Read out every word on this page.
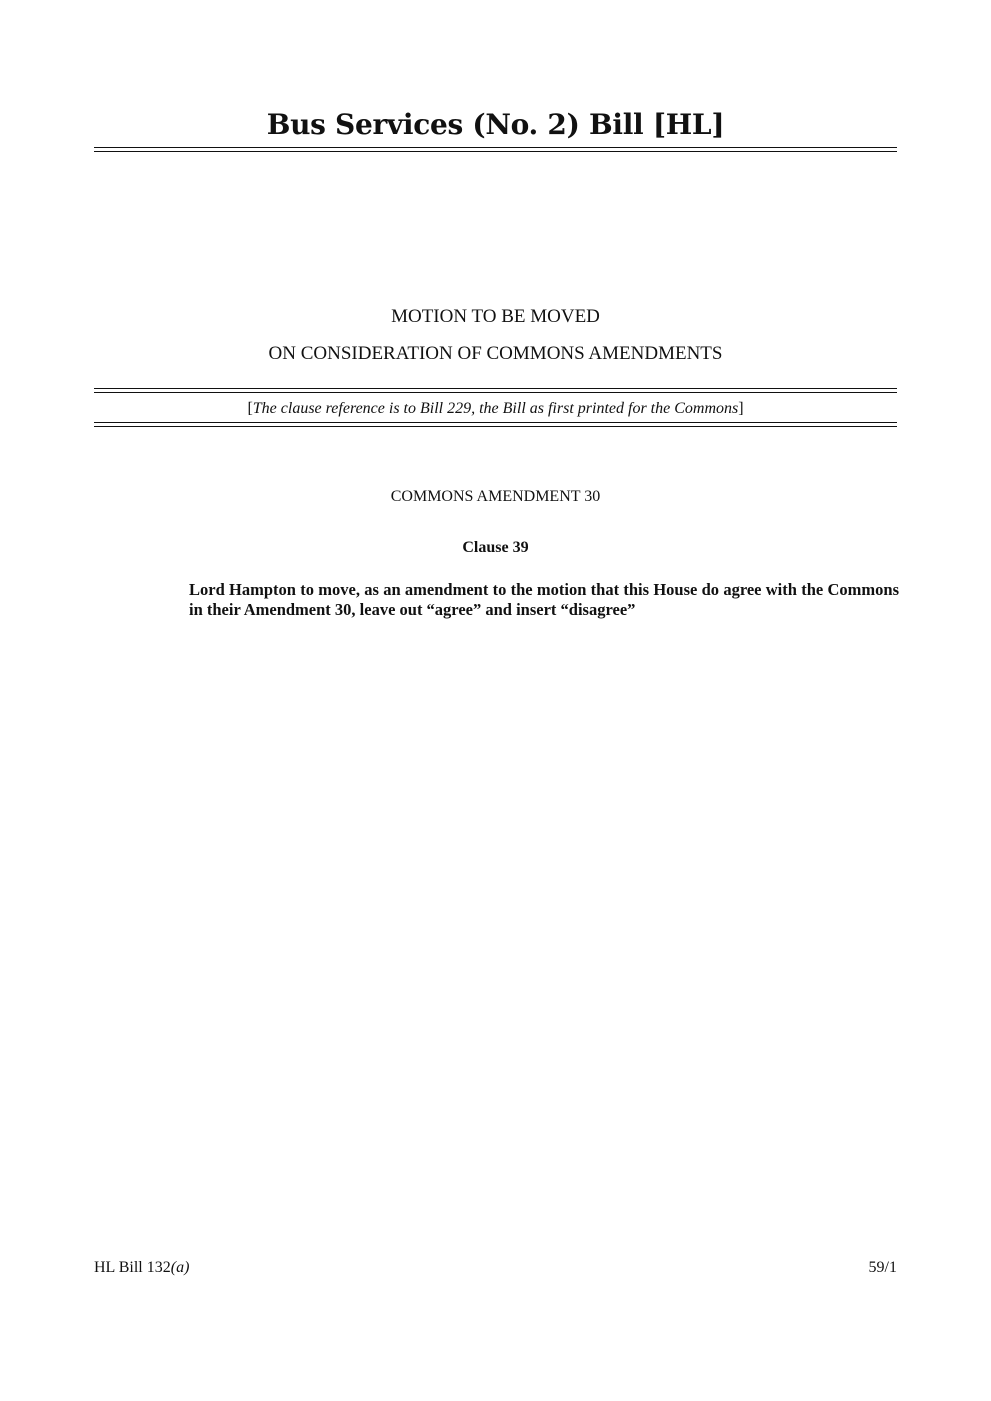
Bus Services (No. 2) Bill [HL]
MOTION TO BE MOVED
ON CONSIDERATION OF COMMONS AMENDMENTS
[The clause reference is to Bill 229, the Bill as first printed for the Commons]
COMMONS AMENDMENT 30
Clause 39

Lord Hampton to move, as an amendment to the motion that this House do agree with the Commons in their Amendment 30, leave out “agree” and insert “disagree”

HL Bill 132(a)	59/1
